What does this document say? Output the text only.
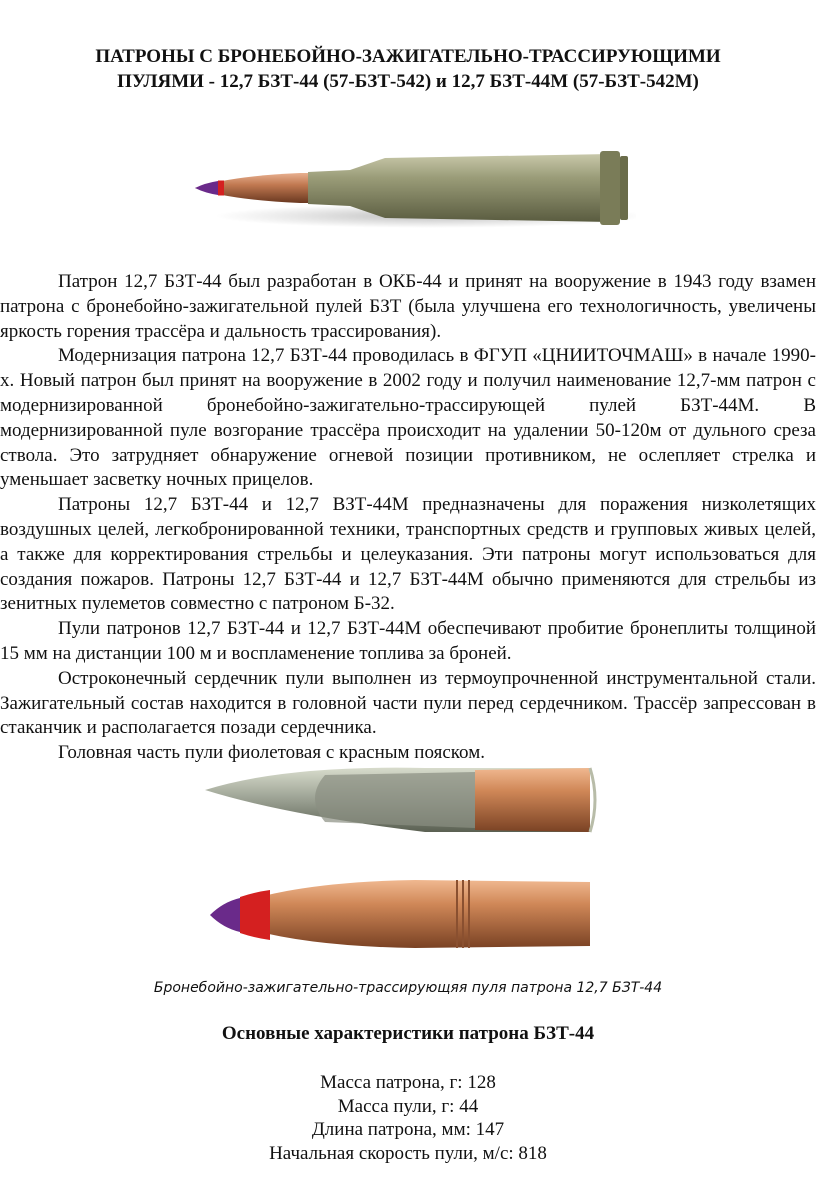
ПАТРОНЫ С БРОНЕБОЙНО-ЗАЖИГАТЕЛЬНО-ТРАССИРУЮЩИМИ
ПУЛЯМИ - 12,7 БЗТ-44 (57-БЗТ-542) и 12,7 БЗТ-44М (57-БЗТ-542М)

Патрон 12,7 БЗТ-44 был разработан в ОКБ-44 и принят на вооружение в 1943 году взамен патрона с бронебойно-зажигательной пулей БЗТ (была улучшена его технологичность, увеличены яркость горения трассёра и дальность трассирования).

Модернизация патрона 12,7 БЗТ-44 проводилась в ФГУП «ЦНИИТОЧМАШ» в начале 1990-х. Новый патрон был принят на вооружение в 2002 году и получил наименование 12,7-мм патрон с модернизированной бронебойно-зажигательно-трассирующей пулей БЗТ-44М. В модернизированной пуле возгорание трассёра происходит на удалении 50-120м от дульного среза ствола. Это затрудняет обнаружение огневой позиции противником, не ослепляет стрелка и уменьшает засветку ночных прицелов.

Патроны 12,7 БЗТ-44 и 12,7 ВЗТ-44М предназначены для поражения низколетящих воздушных целей, легкобронированной техники, транспортных средств и групповых живых целей, а также для корректирования стрельбы и целеуказания. Эти патроны могут использоваться для создания пожаров. Патроны 12,7 БЗТ-44 и 12,7 БЗТ-44М обычно применяются для стрельбы из зенитных пулеметов совместно с патроном Б-32.

Пули патронов 12,7 БЗТ-44 и 12,7 БЗТ-44М обеспечивают пробитие бронеплиты толщиной 15 мм на дистанции 100 м и воспламенение топлива за броней.

Остроконечный сердечник пули выполнен из термоупрочненной инструментальной стали. Зажигательный состав находится в головной части пули перед сердечником. Трассёр запрессован в стаканчик и располагается позади сердечника.

Головная часть пули фиолетовая с красным пояском.

Бронебойно-зажигательно-трассирующяя пуля патрона 12,7 БЗТ-44
Основные характеристики патрона БЗТ-44
Масса патрона, г: 128
Масса пули, г: 44
Длина патрона, мм: 147
Начальная скорость пули, м/с: 818
